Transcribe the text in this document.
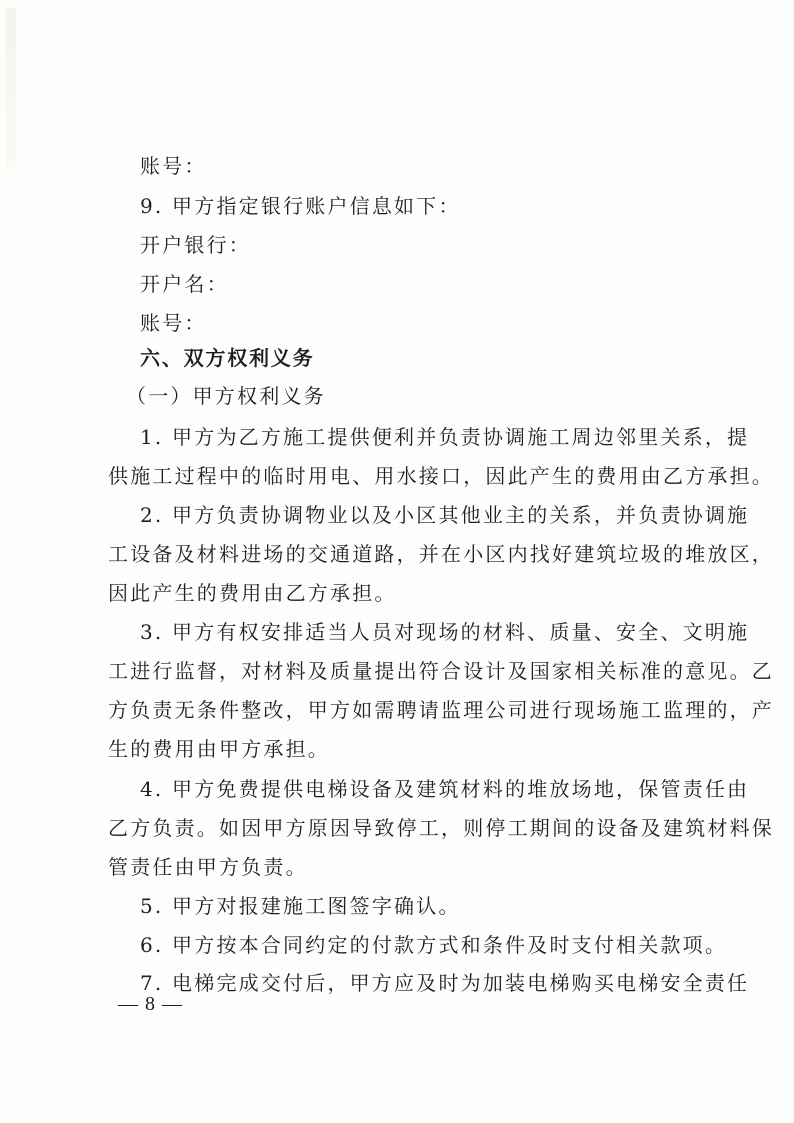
账号：
9. 甲方指定银行账户信息如下：
开户银行：
开户名：
账号：
六、双方权利义务
（一）甲方权利义务
1. 甲方为乙方施工提供便利并负责协调施工周边邻里关系，提
供施工过程中的临时用电、用水接口，因此产生的费用由乙方承担。
2. 甲方负责协调物业以及小区其他业主的关系，并负责协调施
工设备及材料进场的交通道路，并在小区内找好建筑垃圾的堆放区，
因此产生的费用由乙方承担。
3. 甲方有权安排适当人员对现场的材料、质量、安全、文明施
工进行监督，对材料及质量提出符合设计及国家相关标准的意见。乙
方负责无条件整改，甲方如需聘请监理公司进行现场施工监理的，产
生的费用由甲方承担。
4. 甲方免费提供电梯设备及建筑材料的堆放场地，保管责任由
乙方负责。如因甲方原因导致停工，则停工期间的设备及建筑材料保
管责任由甲方负责。
5. 甲方对报建施工图签字确认。
6. 甲方按本合同约定的付款方式和条件及时支付相关款项。
7. 电梯完成交付后，甲方应及时为加装电梯购买电梯安全责任
— 8 —
